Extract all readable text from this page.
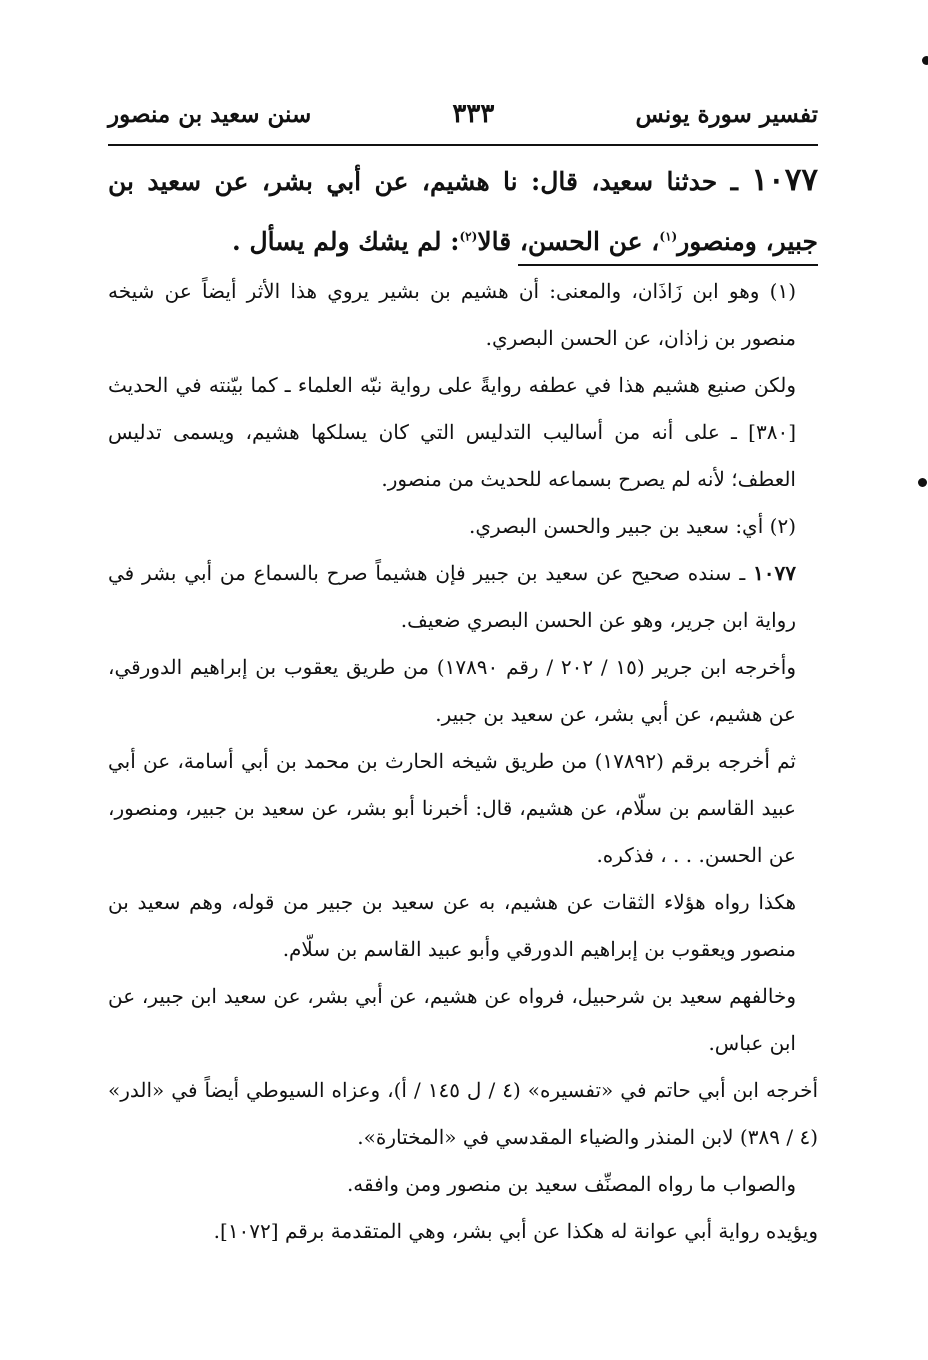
تفسير سورة يونس
٣٣٣
سنن سعيد بن منصور
١٠٧٧ ـ حدثنا سعيد، قال: نا هشيم، عن أبي بشر، عن سعيد بن جبير، ومنصور$^{(١)}$، عن الحسن، قالا$^{(٢)}$: لم يشك ولم يسأل .

(١) وهو ابن زَاذَان، والمعنى: أن هشيم بن بشير يروي هذا الأثر أيضاً عن شيخه منصور بن زاذان، عن الحسن البصري.

ولكن صنيع هشيم هذا في عطفه روايةً على رواية نبّه العلماء ـ كما بيّنته في الحديث [٣٨٠] ـ على أنه من أساليب التدليس التي كان يسلكها هشيم، ويسمى تدليس العطف؛ لأنه لم يصرح بسماعه للحديث من منصور.

(٢) أي: سعيد بن جبير والحسن البصري.

١٠٧٧ ـ سنده صحيح عن سعيد بن جبير فإن هشيماً صرح بالسماع من أبي بشر في رواية ابن جرير، وهو عن الحسن البصري ضعيف.

وأخرجه ابن جرير (١٥ / ٢٠٢ / رقم ١٧٨٩٠) من طريق يعقوب بن إبراهيم الدورقي، عن هشيم، عن أبي بشر، عن سعيد بن جبير.

ثم أخرجه برقم (١٧٨٩٢) من طريق شيخه الحارث بن محمد بن أبي أسامة، عن أبي عبيد القاسم بن سلّام، عن هشيم، قال: أخبرنا أبو بشر، عن سعيد بن جبير، ومنصور، عن الحسن. . . ، فذكره.

هكذا رواه هؤلاء الثقات عن هشيم، به عن سعيد بن جبير من قوله، وهم سعيد بن منصور ويعقوب بن إبراهيم الدورقي وأبو عبيد القاسم بن سلّام.

وخالفهم سعيد بن شرحبيل، فرواه عن هشيم، عن أبي بشر، عن سعيد ابن جبير، عن ابن عباس.

أخرجه ابن أبي حاتم في «تفسيره» (٤ / ل ١٤٥ / أ)، وعزاه السيوطي أيضاً في «الدر» (٤ / ٣٨٩) لابن المنذر والضياء المقدسي في «المختارة».

والصواب ما رواه المصنِّف سعيد بن منصور ومن وافقه.

ويؤيده رواية أبي عوانة له هكذا عن أبي بشر، وهي المتقدمة برقم [١٠٧٢].
